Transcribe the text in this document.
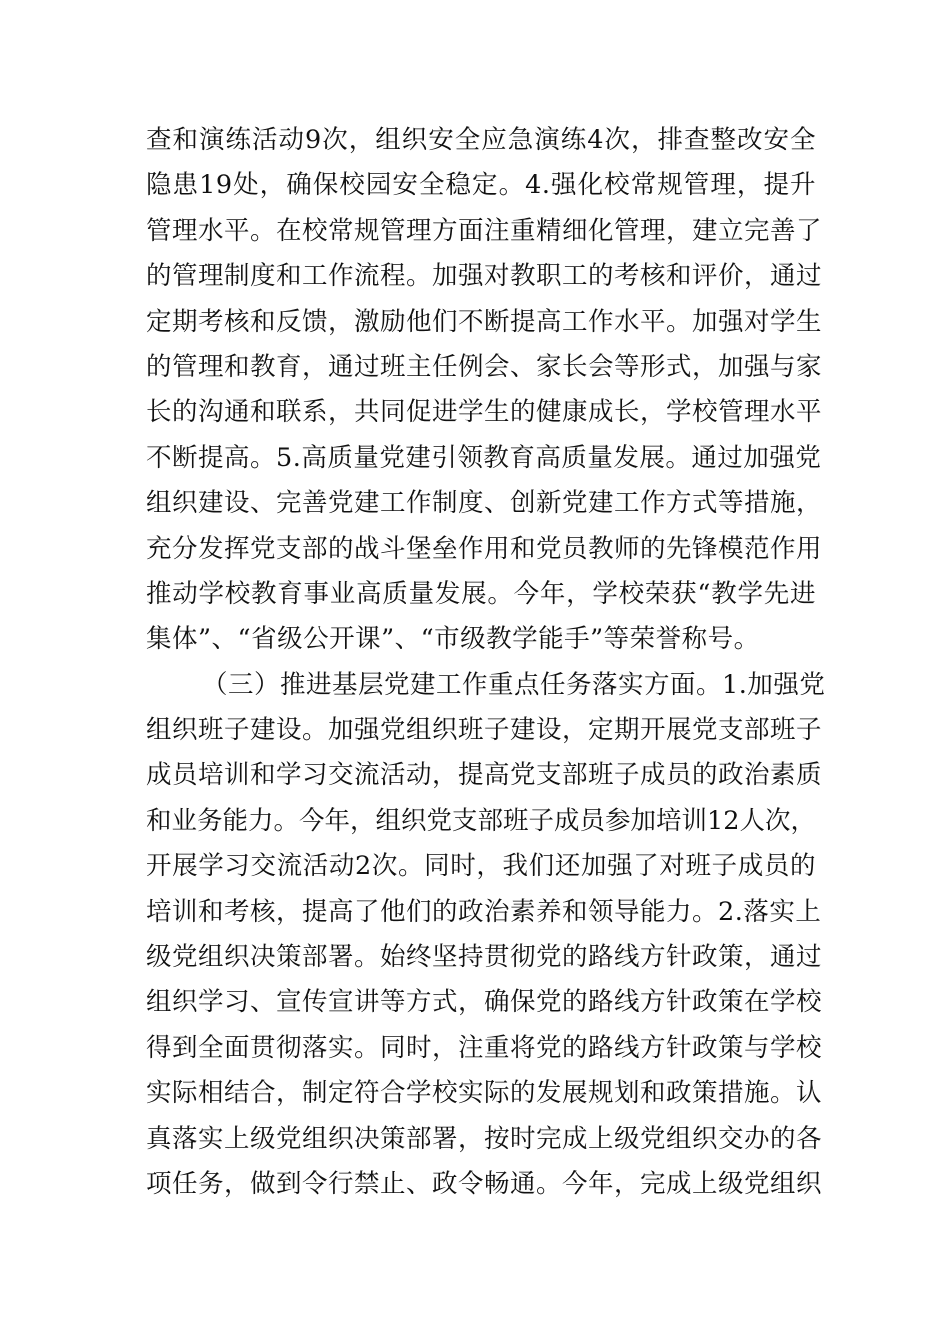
查和演练活动9次，组织安全应急演练4次，排查整改安全
隐患19处，确保校园安全稳定。4.强化校常规管理，提升
管理水平。在校常规管理方面注重精细化管理，建立完善了
的管理制度和工作流程。加强对教职工的考核和评价，通过
定期考核和反馈，激励他们不断提高工作水平。加强对学生
的管理和教育，通过班主任例会、家长会等形式，加强与家
长的沟通和联系，共同促进学生的健康成长，学校管理水平
不断提高。5.高质量党建引领教育高质量发展。通过加强党
组织建设、完善党建工作制度、创新党建工作方式等措施，
充分发挥党支部的战斗堡垒作用和党员教师的先锋模范作用
推动学校教育事业高质量发展。今年，学校荣获“教学先进
集体”、“省级公开课”、“市级教学能手”等荣誉称号。
（三）推进基层党建工作重点任务落实方面。1.加强党
组织班子建设。加强党组织班子建设，定期开展党支部班子
成员培训和学习交流活动，提高党支部班子成员的政治素质
和业务能力。今年，组织党支部班子成员参加培训12人次，
开展学习交流活动2次。同时，我们还加强了对班子成员的
培训和考核，提高了他们的政治素养和领导能力。2.落实上
级党组织决策部署。始终坚持贯彻党的路线方针政策，通过
组织学习、宣传宣讲等方式，确保党的路线方针政策在学校
得到全面贯彻落实。同时，注重将党的路线方针政策与学校
实际相结合，制定符合学校实际的发展规划和政策措施。认
真落实上级党组织决策部署，按时完成上级党组织交办的各
项任务，做到令行禁止、政令畅通。今年，完成上级党组织
